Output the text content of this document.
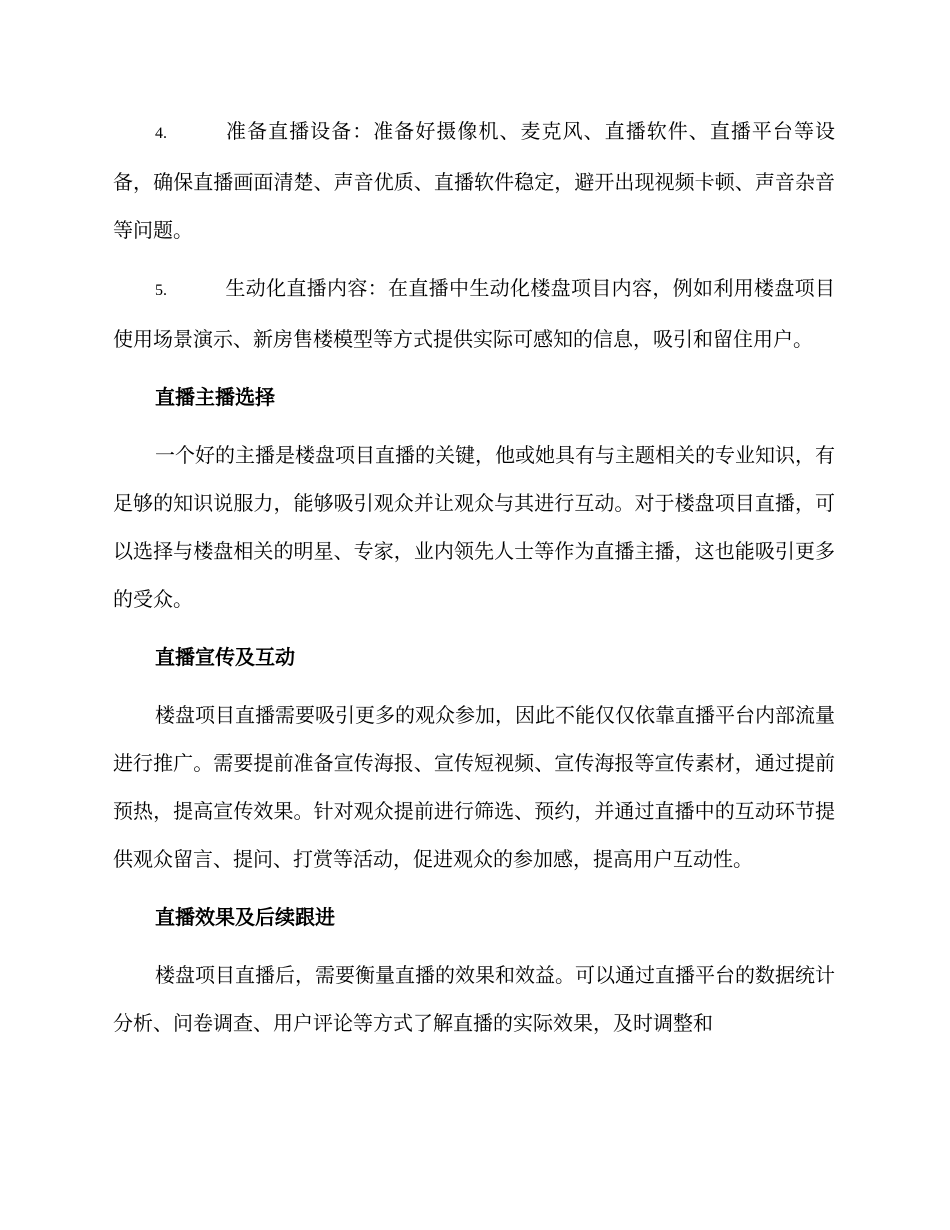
4.	准备直播设备：准备好摄像机、麦克风、直播软件、直播平台等设备，确保直播画面清楚、声音优质、直播软件稳定，避开出现视频卡顿、声音杂音等问题。

5.	生动化直播内容：在直播中生动化楼盘项目内容，例如利用楼盘项目使用场景演示、新房售楼模型等方式提供实际可感知的信息，吸引和留住用户。

直播主播选择

一个好的主播是楼盘项目直播的关键，他或她具有与主题相关的专业知识，有足够的知识说服力，能够吸引观众并让观众与其进行互动。对于楼盘项目直播，可以选择与楼盘相关的明星、专家，业内领先人士等作为直播主播，这也能吸引更多的受众。

直播宣传及互动

楼盘项目直播需要吸引更多的观众参加，因此不能仅仅依靠直播平台内部流量进行推广。需要提前准备宣传海报、宣传短视频、宣传海报等宣传素材，通过提前预热，提高宣传效果。针对观众提前进行筛选、预约，并通过直播中的互动环节提供观众留言、提问、打赏等活动，促进观众的参加感，提高用户互动性。

直播效果及后续跟进

楼盘项目直播后，需要衡量直播的效果和效益。可以通过直播平台的数据统计分析、问卷调查、用户评论等方式了解直播的实际效果，及时调整和
